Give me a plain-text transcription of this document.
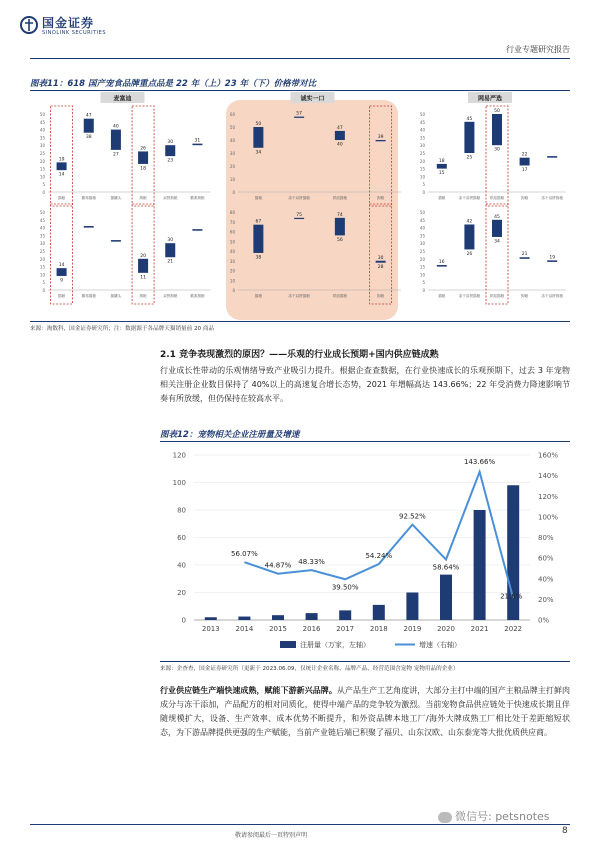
国金证券
SINOLINK SECURITIES
行业专题研究报告
图表11：618 国产宠食品牌重点品是 22 年（上）23 年（下）价格带对比
麦富迪
0
5
10
15
20
25
30
35
40
45
50
19
14
猫粮
47
38
霸弗猫粮
40
27
猫罐头
26
18
狗粮
30
23
双拼狗粮
31
霸弗狗粮
0
5
10
15
20
25
30
35
40
45
50
14
9
猫粮	霸弗猫粮	猫罐头
20
11
狗粮
30
21
双拼狗粮	霸弗狗粮
诚实一口
0
10
20
30
40
50
60
50
34
猫粮
57
冻干双拼猫粮
47
40
烘焙猫粮
39
狗粮
0
10
20
30
40
50
60
70
80
67
38
猫粮
75
冻干双拼猫粮
74
56
烘焙猫粮
30
28
狗粮
网易严选
0
5
10
15
20
25
30
35
40
45
50
18
15
猫粮
45
25
冻干双拼猫粮
50
30
烘焙猫粮
22
17
狗粮	冻干双拼狗粮
0
5
10
15
20
25
30
35
40
45
50
16
猫粮
42
26
冻干双拼猫粮
45
34
烘焙猫粮
21
狗粮
19
冻干双拼狗粮
来源：淘数科，国金证券研究所；注：数据源于各品牌天猫销量前 20 商品
2.1 竞争表现激烈的原因？——乐观的行业成长预期+国内供应链成熟
行业成长性带动的乐观情绪导致产业吸引力提升。根据企查查数据，在行业快速成长的乐观预期下，过去 3 年宠物相关注册企业数目保持了 40%以上的高速复合增长态势，2021 年增幅高达 143.66%；22 年受消费力降速影响节奏有所放缓，但仍保持在较高水平。
图表12：宠物相关企业注册量及增速
0
20
40
60
80
100
120
0%
20%
40%
60%
80%
100%
120%
140%
160%
2013 2014 2015 2016 2017 2018 2019 2020 2021 2022
56.07%
44.87% 48.33%
39.50%
54.24%
92.52%
58.64%
143.66%
21.6%
注册量（万家，左轴）	增速（右轴）
来源：企查查，国金证券研究所（更新于 2023.06.09，仅统计企业名称、品牌产品、经营范围含宠物 宠物用品的企业）
行业供应链生产端快速成熟，赋能下游新兴品牌。从产品生产工艺角度讲，大部分主打中端的国产主粮品牌主打鲜肉成分与冻干添加，产品配方的相对同质化，使得中端产品的竞争较为激烈。当前宠物食品供应链处于快速成长期且伴随规模扩大，设备、生产效率、成本优势不断提升，和外资品牌本地工厂/海外大牌成熟工厂相比处于差距缩短状态，为下游品牌提供更强的生产赋能，当前产业链后端已积聚了福贝、山东汉欧、山东泰宠等大批优质供应商。
敬请参阅最后一页特别声明	8
微信号: petsnotes
